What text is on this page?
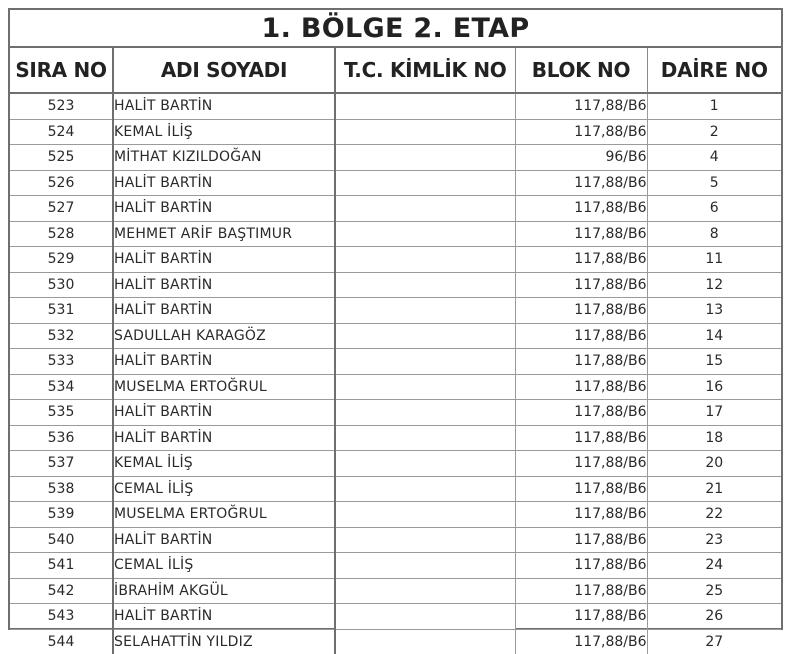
1. BÖLGE 2. ETAP
SIRA NO	ADI SOYADI	T.C. KİMLİK NO	BLOK NO	DAİRE NO
523	HALİT BARTİN		117,88/B6	1
524	KEMAL İLİŞ		117,88/B6	2
525	MİTHAT KIZILDOĞAN		96/B6	4
526	HALİT BARTİN		117,88/B6	5
527	HALİT BARTİN		117,88/B6	6
528	MEHMET ARİF BAŞTIMUR		117,88/B6	8
529	HALİT BARTİN		117,88/B6	11
530	HALİT BARTİN		117,88/B6	12
531	HALİT BARTİN		117,88/B6	13
532	SADULLAH KARAGÖZ		117,88/B6	14
533	HALİT BARTİN		117,88/B6	15
534	MUSELMA ERTOĞRUL		117,88/B6	16
535	HALİT BARTİN		117,88/B6	17
536	HALİT BARTİN		117,88/B6	18
537	KEMAL İLİŞ		117,88/B6	20
538	CEMAL İLİŞ		117,88/B6	21
539	MUSELMA ERTOĞRUL		117,88/B6	22
540	HALİT BARTİN		117,88/B6	23
541	CEMAL İLİŞ		117,88/B6	24
542	İBRAHİM AKGÜL		117,88/B6	25
543	HALİT BARTİN		117,88/B6	26
544	SELAHATTİN YILDIZ		117,88/B6	27
